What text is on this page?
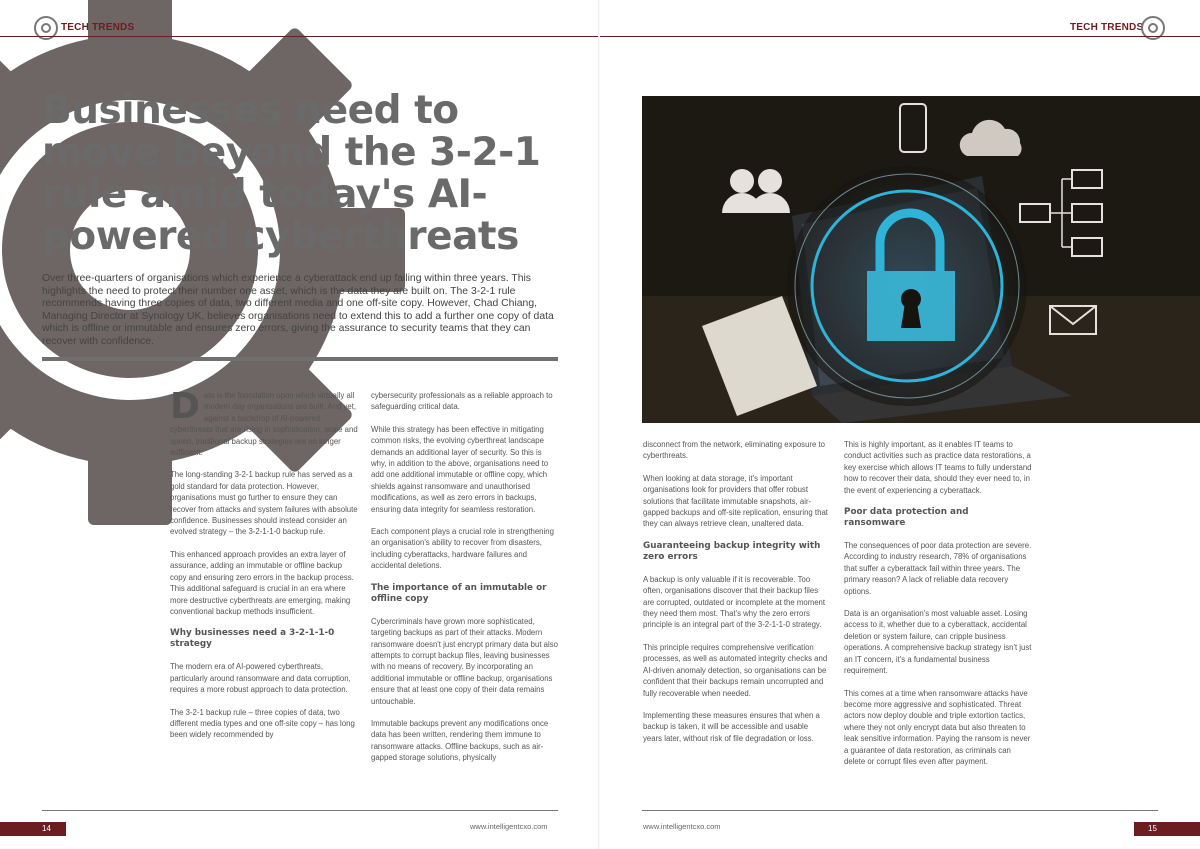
TECH TRENDS
Businesses need to move beyond the 3-2-1 rule amid today's AI-powered cyberthreats

Over three-quarters of organisations which experience a cyberattack end up failing within three years. This highlights the need to protect their number one asset, which is the data they are built on. The 3-2-1 rule recommends having three copies of data, two different media and one off-site copy. However, Chad Chiang, Managing Director at Synology UK, believes organisations need to extend this to add a further one copy of data which is offline or immutable and ensures zero errors, giving the assurance to security teams that they can recover with confidence.

Data is the foundation upon which virtually all modern day organisations are built. And yet, against a backdrop of AI-powered cyberthreats that are rising in sophistication, scale and speed, traditional backup strategies are no longer sufficient.

The long-standing 3-2-1 backup rule has served as a gold standard for data protection. However, organisations must go further to ensure they can recover from attacks and system failures with absolute confidence. Businesses should instead consider an evolved strategy – the 3-2-1-1-0 backup rule.

This enhanced approach provides an extra layer of assurance, adding an immutable or offline backup copy and ensuring zero errors in the backup process. This additional safeguard is crucial in an era where more destructive cyberthreats are emerging, making conventional backup methods insufficient.

Why businesses need a 3-2-1-1-0 strategy

The modern era of AI-powered cyberthreats, particularly around ransomware and data corruption, requires a more robust approach to data protection.

The 3-2-1 backup rule – three copies of data, two different media types and one off-site copy – has long been widely recommended by

cybersecurity professionals as a reliable approach to safeguarding critical data.

While this strategy has been effective in mitigating common risks, the evolving cyberthreat landscape demands an additional layer of security. So this is why, in addition to the above, organisations need to add one additional immutable or offline copy, which shields against ransomware and unauthorised modifications, as well as zero errors in backups, ensuring data integrity for seamless restoration.

Each component plays a crucial role in strengthening an organisation's ability to recover from disasters, including cyberattacks, hardware failures and accidental deletions.

The importance of an immutable or offline copy

Cybercriminals have grown more sophisticated, targeting backups as part of their attacks. Modern ransomware doesn't just encrypt primary data but also attempts to corrupt backup files, leaving businesses with no means of recovery. By incorporating an additional immutable or offline backup, organisations ensure that at least one copy of their data remains untouchable.

Immutable backups prevent any modifications once data has been written, rendering them immune to ransomware attacks. Offline backups, such as air-gapped storage solutions, physically

14	www.intelligentcxo.com
TECH TRENDS

disconnect from the network, eliminating exposure to cyberthreats.

When looking at data storage, it's important organisations look for providers that offer robust solutions that facilitate immutable snapshots, air-gapped backups and off-site replication, ensuring that they can always retrieve clean, unaltered data.

Guaranteeing backup integrity with zero errors

A backup is only valuable if it is recoverable. Too often, organisations discover that their backup files are corrupted, outdated or incomplete at the moment they need them most. That's why the zero errors principle is an integral part of the 3-2-1-1-0 strategy.

This principle requires comprehensive verification processes, as well as automated integrity checks and AI-driven anomaly detection, so organisations can be confident that their backups remain uncorrupted and fully recoverable when needed.

Implementing these measures ensures that when a backup is taken, it will be accessible and usable years later, without risk of file degradation or loss.

This is highly important, as it enables IT teams to conduct activities such as practice data restorations, a key exercise which allows IT teams to fully understand how to recover their data, should they ever need to, in the event of experiencing a cyberattack.

Poor data protection and ransomware

The consequences of poor data protection are severe. According to industry research, 78% of organisations that suffer a cyberattack fail within three years. The primary reason? A lack of reliable data recovery options.

Data is an organisation's most valuable asset. Losing access to it, whether due to a cyberattack, accidental deletion or system failure, can cripple business operations. A comprehensive backup strategy isn't just an IT concern, it's a fundamental business requirement.

This comes at a time when ransomware attacks have become more aggressive and sophisticated. Threat actors now deploy double and triple extortion tactics, where they not only encrypt data but also threaten to leak sensitive information. Paying the ransom is never a guarantee of data restoration, as criminals can delete or corrupt files even after payment.

www.intelligentcxo.com	15
